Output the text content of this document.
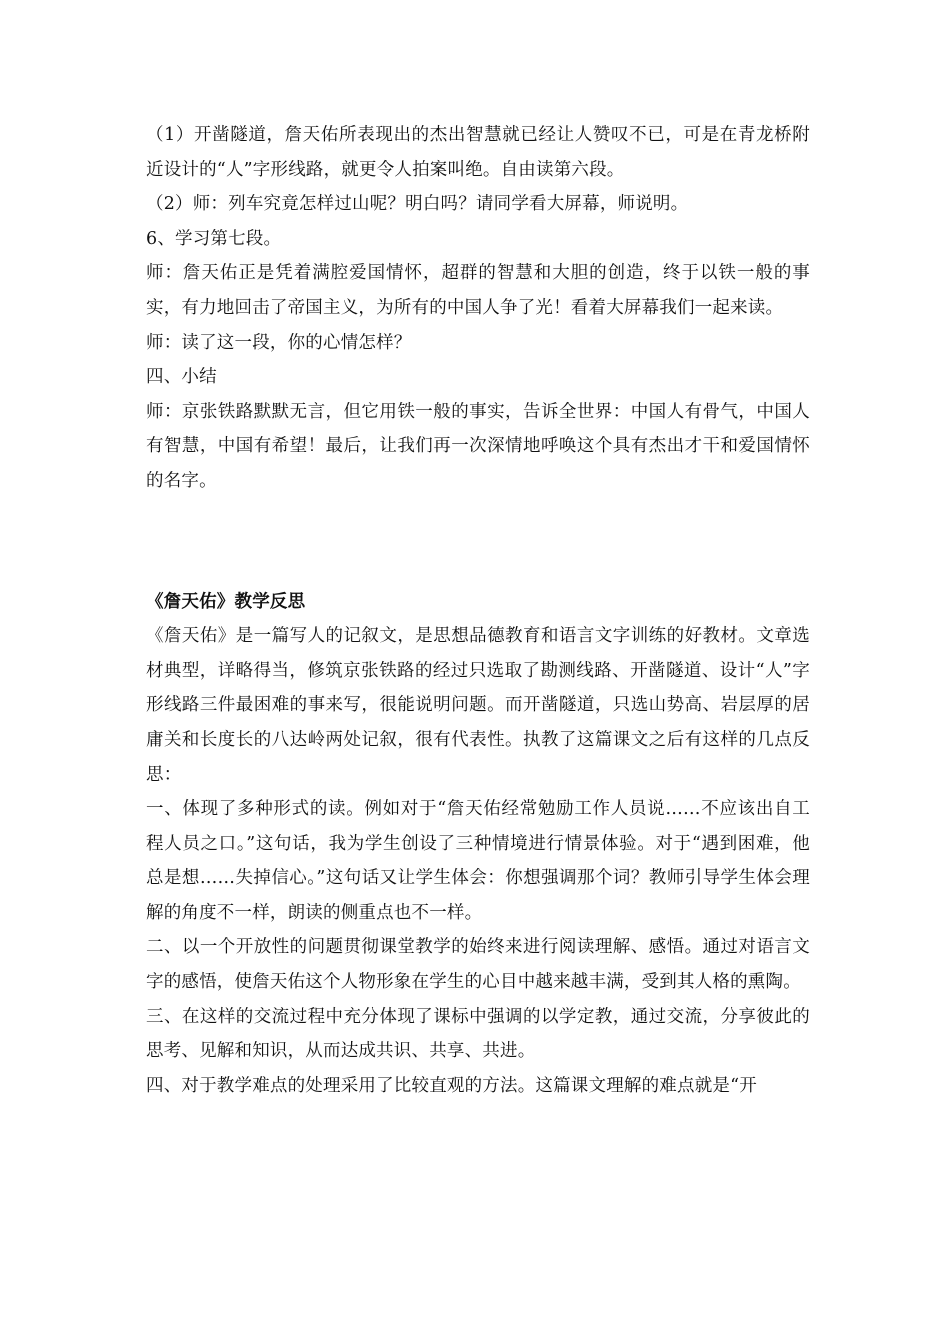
（1）开凿隧道，詹天佑所表现出的杰出智慧就已经让人赞叹不已，可是在青龙桥附近设计的“人”字形线路，就更令人拍案叫绝。自由读第六段。

（2）师：列车究竟怎样过山呢？明白吗？请同学看大屏幕，师说明。

6、学习第七段。

师：詹天佑正是凭着满腔爱国情怀，超群的智慧和大胆的创造，终于以铁一般的事实，有力地回击了帝国主义，为所有的中国人争了光！看着大屏幕我们一起来读。

师：读了这一段，你的心情怎样？

四、小结

师：京张铁路默默无言，但它用铁一般的事实，告诉全世界：中国人有骨气，中国人有智慧，中国有希望！最后，让我们再一次深情地呼唤这个具有杰出才干和爱国情怀的名字。

《詹天佑》教学反思

《詹天佑》是一篇写人的记叙文，是思想品德教育和语言文字训练的好教材。文章选材典型，详略得当，修筑京张铁路的经过只选取了勘测线路、开凿隧道、设计“人”字形线路三件最困难的事来写，很能说明问题。而开凿隧道，只选山势高、岩层厚的居庸关和长度长的八达岭两处记叙，很有代表性。执教了这篇课文之后有这样的几点反思：

一、体现了多种形式的读。例如对于“詹天佑经常勉励工作人员说……不应该出自工程人员之口。”这句话，我为学生创设了三种情境进行情景体验。对于“遇到困难，他总是想……失掉信心。”这句话又让学生体会：你想强调那个词？教师引导学生体会理解的角度不一样，朗读的侧重点也不一样。

二、以一个开放性的问题贯彻课堂教学的始终来进行阅读理解、感悟。通过对语言文字的感悟，使詹天佑这个人物形象在学生的心目中越来越丰满，受到其人格的熏陶。

三、在这样的交流过程中充分体现了课标中强调的以学定教，通过交流，分享彼此的思考、见解和知识，从而达成共识、共享、共进。

四、对于教学难点的处理采用了比较直观的方法。这篇课文理解的难点就是“开
